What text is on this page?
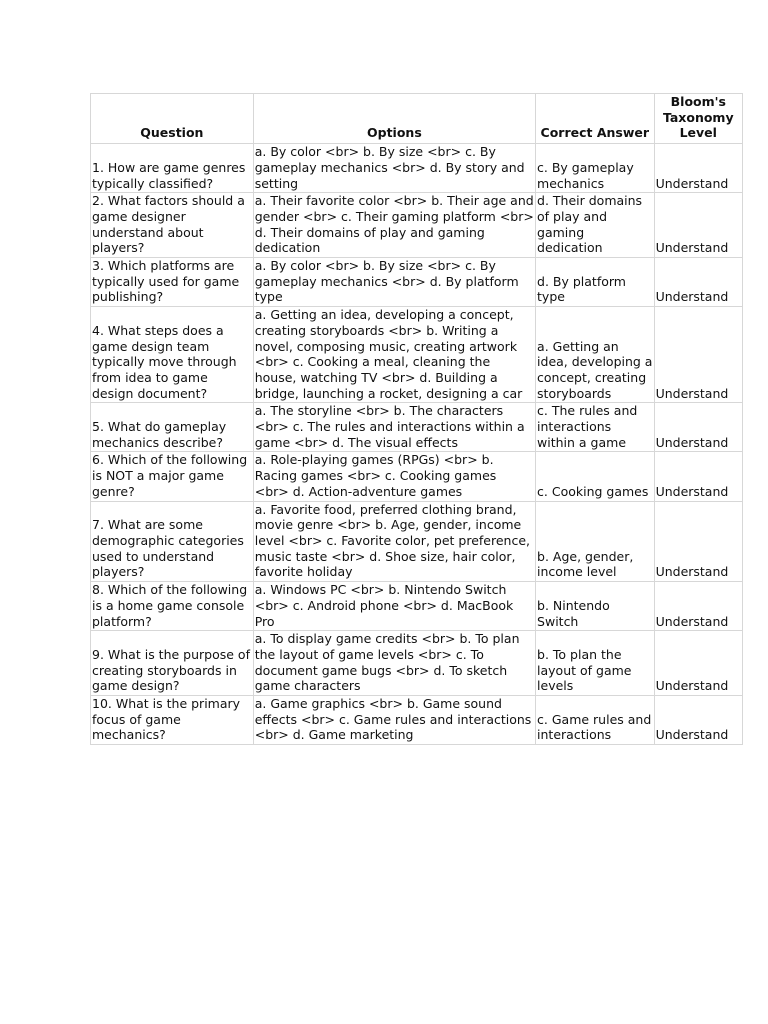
Question	Options	Correct Answer	Bloom's Taxonomy Level
1. How are game genres typically classified?	a. By color <br> b. By size <br> c. By gameplay mechanics <br> d. By story and setting	c. By gameplay mechanics	Understand
2. What factors should a game designer understand about players?	a. Their favorite color <br> b. Their age and gender <br> c. Their gaming platform <br> d. Their domains of play and gaming dedication	d. Their domains of play and gaming dedication	Understand
3. Which platforms are typically used for game publishing?	a. By color <br> b. By size <br> c. By gameplay mechanics <br> d. By platform type	d. By platform type	Understand
4. What steps does a game design team typically move through from idea to game design document?	a. Getting an idea, developing a concept, creating storyboards <br> b. Writing a novel, composing music, creating artwork <br> c. Cooking a meal, cleaning the house, watching TV <br> d. Building a bridge, launching a rocket, designing a car	a. Getting an idea, developing a concept, creating storyboards	Understand
5. What do gameplay mechanics describe?	a. The storyline <br> b. The characters <br> c. The rules and interactions within a game <br> d. The visual effects	c. The rules and interactions within a game	Understand
6. Which of the following is NOT a major game genre?	a. Role-playing games (RPGs) <br> b. Racing games <br> c. Cooking games <br> d. Action-adventure games	c. Cooking games	Understand
7. What are some demographic categories used to understand players?	a. Favorite food, preferred clothing brand, movie genre <br> b. Age, gender, income level <br> c. Favorite color, pet preference, music taste <br> d. Shoe size, hair color, favorite holiday	b. Age, gender, income level	Understand
8. Which of the following is a home game console platform?	a. Windows PC <br> b. Nintendo Switch <br> c. Android phone <br> d. MacBook Pro	b. Nintendo Switch	Understand
9. What is the purpose of creating storyboards in game design?	a. To display game credits <br> b. To plan the layout of game levels <br> c. To document game bugs <br> d. To sketch game characters	b. To plan the layout of game levels	Understand
10. What is the primary focus of game mechanics?	a. Game graphics <br> b. Game sound effects <br> c. Game rules and interactions <br> d. Game marketing	c. Game rules and interactions	Understand
